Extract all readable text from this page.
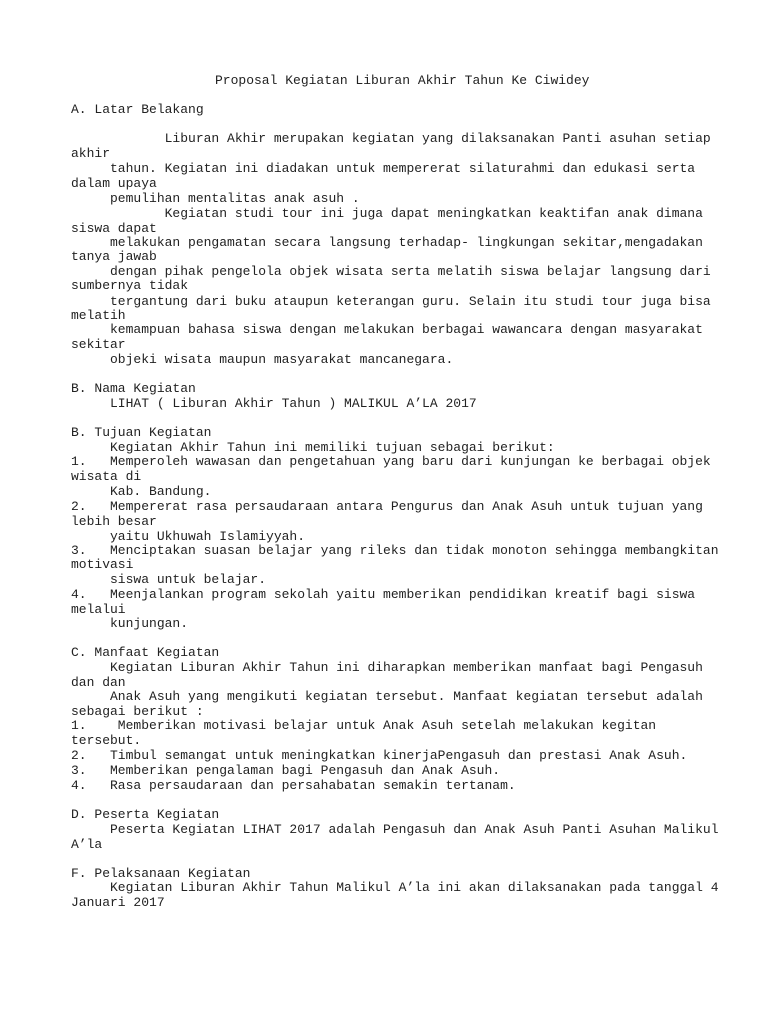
Proposal Kegiatan Liburan Akhir Tahun Ke Ciwidey
A. Latar Belakang
Liburan Akhir merupakan kegiatan yang dilaksanakan Panti asuhan setiap
akhir
tahun. Kegiatan ini diadakan untuk mempererat silaturahmi dan edukasi serta
dalam upaya
pemulihan mentalitas anak asuh .
Kegiatan studi tour ini juga dapat meningkatkan keaktifan anak dimana
siswa dapat
melakukan pengamatan secara langsung terhadap- lingkungan sekitar,mengadakan
tanya jawab
dengan pihak pengelola objek wisata serta melatih siswa belajar langsung dari
sumbernya tidak
tergantung dari buku ataupun keterangan guru. Selain itu studi tour juga bisa
melatih
kemampuan bahasa siswa dengan melakukan berbagai wawancara dengan masyarakat
sekitar
objeki wisata maupun masyarakat mancanegara.
B. Nama Kegiatan
LIHAT ( Liburan Akhir Tahun ) MALIKUL A’LA 2017
B. Tujuan Kegiatan
Kegiatan Akhir Tahun ini memiliki tujuan sebagai berikut:
1.   Memperoleh wawasan dan pengetahuan yang baru dari kunjungan ke berbagai objek
wisata di
Kab. Bandung.
2.   Mempererat rasa persaudaraan antara Pengurus dan Anak Asuh untuk tujuan yang
lebih besar
yaitu Ukhuwah Islamiyyah.
3.   Menciptakan suasan belajar yang rileks dan tidak monoton sehingga membangkitan
motivasi
siswa untuk belajar.
4.   Meenjalankan program sekolah yaitu memberikan pendidikan kreatif bagi siswa
melalui
kunjungan.
C. Manfaat Kegiatan
Kegiatan Liburan Akhir Tahun ini diharapkan memberikan manfaat bagi Pengasuh
dan dan
Anak Asuh yang mengikuti kegiatan tersebut. Manfaat kegiatan tersebut adalah
sebagai berikut :
1.    Memberikan motivasi belajar untuk Anak Asuh setelah melakukan kegitan
tersebut.
2.   Timbul semangat untuk meningkatkan kinerjaPengasuh dan prestasi Anak Asuh.
3.   Memberikan pengalaman bagi Pengasuh dan Anak Asuh.
4.   Rasa persaudaraan dan persahabatan semakin tertanam.
D. Peserta Kegiatan
Peserta Kegiatan LIHAT 2017 adalah Pengasuh dan Anak Asuh Panti Asuhan Malikul
A’la
F. Pelaksanaan Kegiatan
Kegiatan Liburan Akhir Tahun Malikul A’la ini akan dilaksanakan pada tanggal 4
Januari 2017
